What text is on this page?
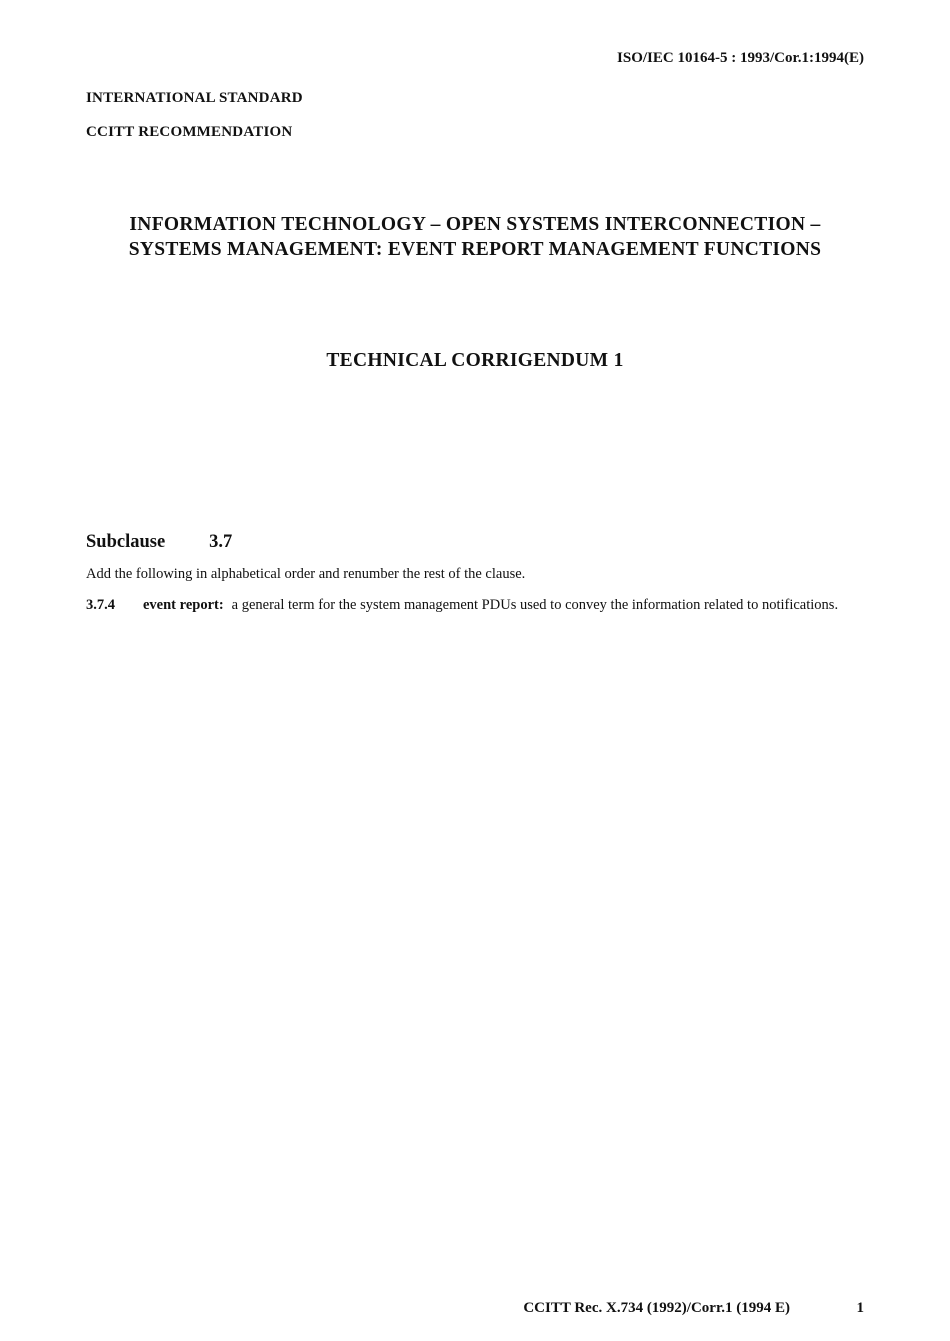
ISO/IEC 10164-5 : 1993/Cor.1:1994(E)
INTERNATIONAL STANDARD
CCITT RECOMMENDATION
INFORMATION TECHNOLOGY – OPEN SYSTEMS INTERCONNECTION –
SYSTEMS MANAGEMENT: EVENT REPORT MANAGEMENT FUNCTIONS
TECHNICAL CORRIGENDUM 1
Subclause 3.7
Add the following in alphabetical order and renumber the rest of the clause.
3.7.4 event report: a general term for the system management PDUs used to convey the information related to notifications.
CCITT Rec. X.734 (1992)/Corr.1 (1994 E)	1
